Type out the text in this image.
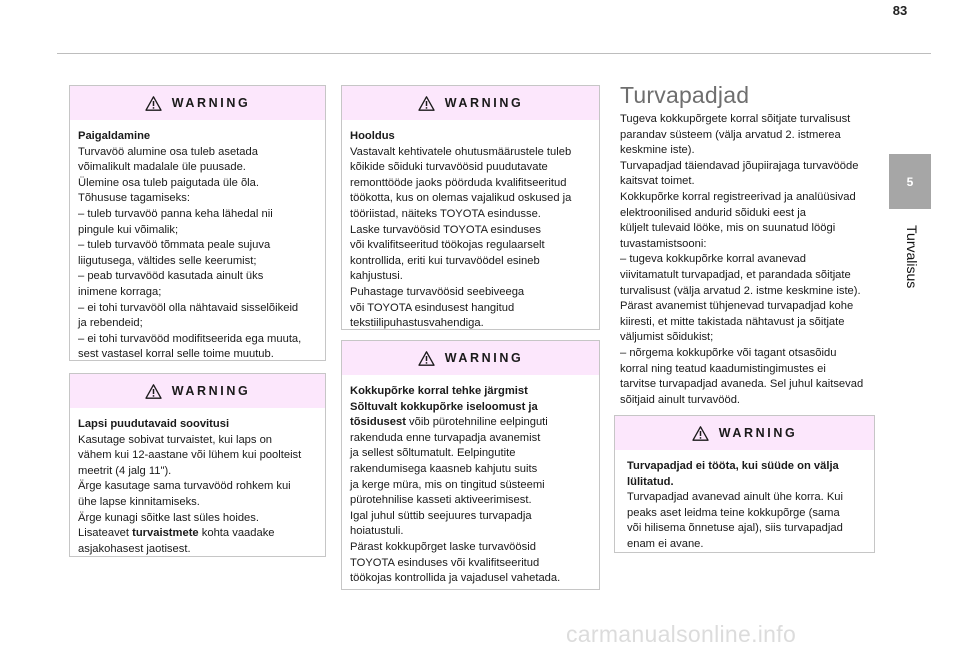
83
5
Turvalisus
WARNING

Paigaldamine

Turvavöö alumine osa tuleb asetada

võimalikult madalale üle puusade.

Ülemine osa tuleb paigutada üle õla.

Tõhususe tagamiseks:

– tuleb turvavöö panna keha lähedal nii

pingule kui võimalik;

– tuleb turvavöö tõmmata peale sujuva

liigutusega, vältides selle keerumist;

– peab turvavööd kasutada ainult üks

inimene korraga;

– ei tohi turvavööl olla nähtavaid sisselõikeid

ja rebendeid;

– ei tohi turvavööd modifitseerida ega muuta,

sest vastasel korral selle toime muutub.

WARNING

Lapsi puudutavaid soovitusi

Kasutage sobivat turvaistet, kui laps on

vähem kui 12-aastane või lühem kui poolteist

meetrit (4 jalg 11").

Ärge kasutage sama turvavööd rohkem kui

ühe lapse kinnitamiseks.

Ärge kunagi sõitke last süles hoides.

Lisateavet turvaistmete kohta vaadake

asjakohasest jaotisest.

WARNING

Hooldus

Vastavalt kehtivatele ohutusmäärustele tuleb

kõikide sõiduki turvavöösid puudutavate

remonttööde jaoks pöörduda kvalifitseeritud

töökotta, kus on olemas vajalikud oskused ja

tööriistad, näiteks TOYOTA esindusse.

Laske turvavöösid TOYOTA esinduses

või kvalifitseeritud töökojas regulaarselt

kontrollida, eriti kui turvavöödel esineb

kahjustusi.

Puhastage turvavöösid seebiveega

või TOYOTA esindusest hangitud

tekstiilipuhastusvahendiga.

WARNING

Kokkupõrke korral tehke järgmist

Sõltuvalt kokkupõrke iseloomust ja

tõsidusest võib pürotehniline eelpinguti

rakenduda enne turvapadja avanemist

ja sellest sõltumatult. Eelpingutite

rakendumisega kaasneb kahjutu suits

ja kerge müra, mis on tingitud süsteemi

pürotehnilise kasseti aktiveerimisest.

Igal juhul süttib seejuures turvapadja

hoiatustuli.

Pärast kokkupõrget laske turvavöösid

TOYOTA esinduses või kvalifitseeritud

töökojas kontrollida ja vajadusel vahetada.

Turvapadjad

Tugeva kokkupõrgete korral sõitjate turvalisust

parandav süsteem (välja arvatud 2. istmerea

keskmine iste).

Turvapadjad täiendavad jõupiirajaga turvavööde

kaitsvat toimet.

Kokkupõrke korral registreerivad ja analüüsivad

elektroonilised andurid sõiduki eest ja

küljelt tulevaid lööke, mis on suunatud löögi

tuvastamistsooni:

– tugeva kokkupõrke korral avanevad

viivitamatult turvapadjad, et parandada sõitjate

turvalisust (välja arvatud 2. istme keskmine iste).

Pärast avanemist tühjenevad turvapadjad kohe

kiiresti, et mitte takistada nähtavust ja sõitjate

väljumist sõidukist;

– nõrgema kokkupõrke või tagant otsasõidu

korral ning teatud kaadumistingimustes ei

tarvitse turvapadjad avaneda. Sel juhul kaitsevad

sõitjaid ainult turvavööd.

WARNING

Turvapadjad ei tööta, kui süüde on välja

lülitatud.

Turvapadjad avanevad ainult ühe korra. Kui

peaks aset leidma teine kokkupõrge (sama

või hilisema õnnetuse ajal), siis turvapadjad

enam ei avane.

carmanualsonline.info
